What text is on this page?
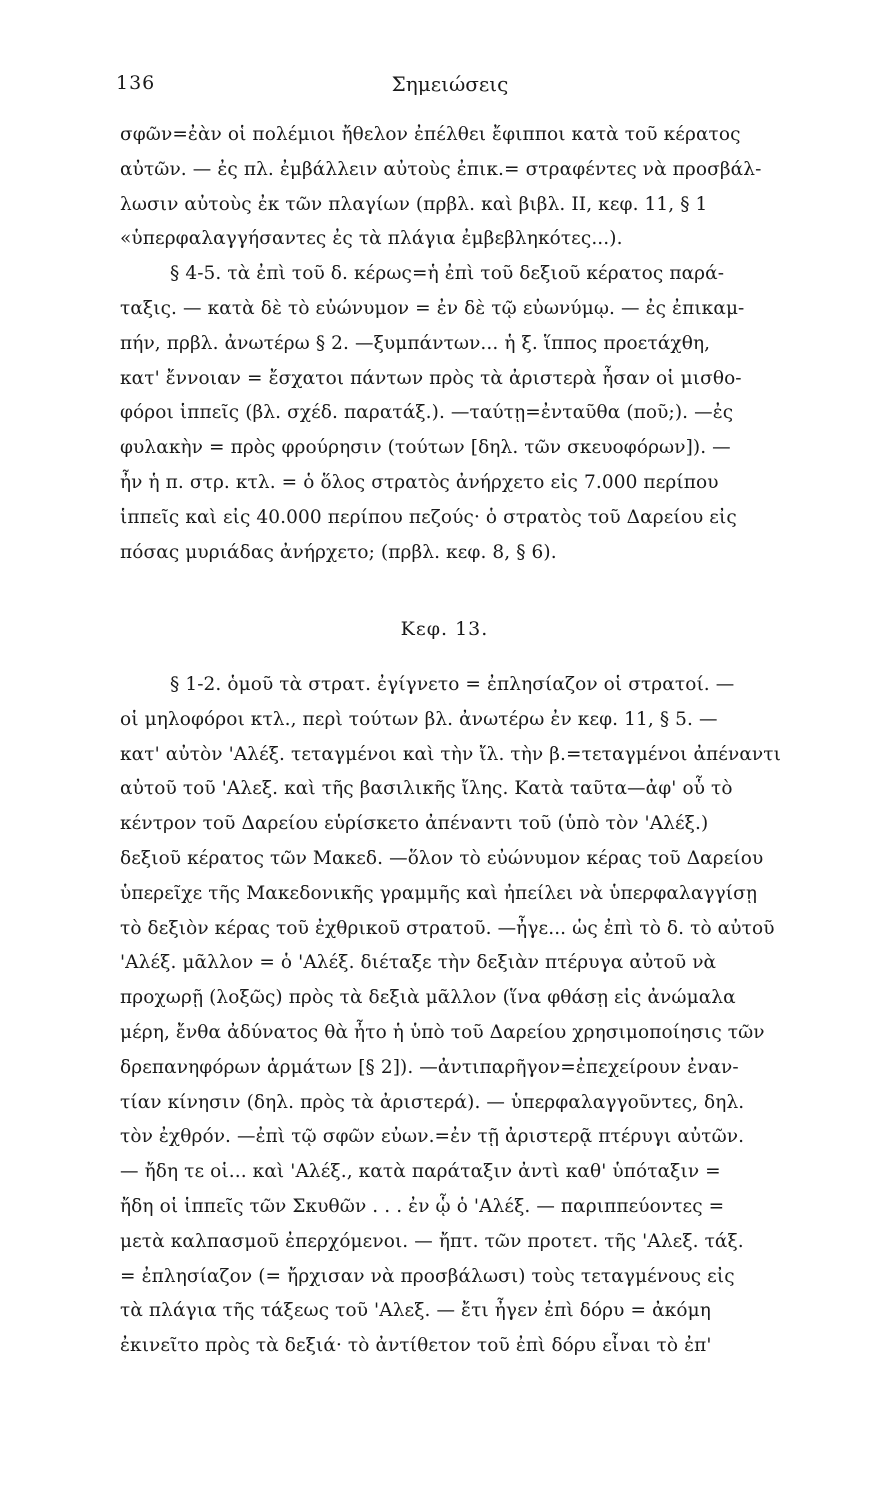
136	Σημειώσεις
σφῶν=ἐὰν οἱ πολέμιοι ἤθελον ἐπέλθει ἔφιπποι κατὰ τοῦ κέρατος
αὐτῶν. — ἐς πλ. ἐμβάλλειν αὐτοὺς ἐπικ.= στραφέντες νὰ προσβάλ-
λωσιν αὐτοὺς ἐκ τῶν πλαγίων (πρβλ. καὶ βιβλ. II, κεφ. 11, § 1
«ὑπερφαλαγγήσαντες ἐς τὰ πλάγια ἐμβεβληκότες...).
§ 4-5. τὰ ἐπὶ τοῦ δ. κέρως=ἡ ἐπὶ τοῦ δεξιοῦ κέρατος παρά-
ταξις. — κατὰ δὲ τὸ εὐώνυμον = ἐν δὲ τῷ εὐωνύμῳ. — ἐς ἐπικαμ-
πήν, πρβλ. ἀνωτέρω § 2. —ξυμπάντων... ἡ ξ. ἵππος προετάχθη,
κατ' ἔννοιαν = ἔσχατοι πάντων πρὸς τὰ ἀριστερὰ ἦσαν οἱ μισθο-
φόροι ἱππεῖς (βλ. σχέδ. παρατάξ.). —ταύτῃ=ἐνταῦθα (ποῦ;). —ἐς
φυλακὴν = πρὸς φρούρησιν (τούτων [δηλ. τῶν σκευοφόρων]). —
ἦν ἡ π. στρ. κτλ. = ὁ ὅλος στρατὸς ἀνήρχετο εἰς 7.000 περίπου
ἱππεῖς καὶ εἰς 40.000 περίπου πεζούς· ὁ στρατὸς τοῦ Δαρείου εἰς
πόσας μυριάδας ἀνήρχετο; (πρβλ. κεφ. 8, § 6).
Κεφ. 13.
§ 1-2. ὁμοῦ τὰ στρατ. ἐγίγνετο = ἐπλησίαζον οἱ στρατοί. —
οἱ μηλοφόροι κτλ., περὶ τούτων βλ. ἀνωτέρω ἐν κεφ. 11, § 5. —
κατ' αὐτὸν 'Αλέξ. τεταγμένοι καὶ τὴν ἴλ. τὴν β.=τεταγμένοι ἀπέναντι
αὐτοῦ τοῦ 'Αλεξ. καὶ τῆς βασιλικῆς ἴλης. Κατὰ ταῦτα—ἀφ' οὗ τὸ
κέντρον τοῦ Δαρείου εὑρίσκετο ἀπέναντι τοῦ (ὑπὸ τὸν 'Αλέξ.)
δεξιοῦ κέρατος τῶν Μακεδ. —ὅλον τὸ εὐώνυμον κέρας τοῦ Δαρείου
ὑπερεῖχε τῆς Μακεδονικῆς γραμμῆς καὶ ἠπείλει νὰ ὑπερφαλαγγίσῃ
τὸ δεξιὸν κέρας τοῦ ἐχθρικοῦ στρατοῦ. —ἦγε... ὡς ἐπὶ τὸ δ. τὸ αὐτοῦ
'Αλέξ. μᾶλλον = ὁ 'Αλέξ. διέταξε τὴν δεξιὰν πτέρυγα αὐτοῦ νὰ
προχωρῇ (λοξῶς) πρὸς τὰ δεξιὰ μᾶλλον (ἵνα φθάσῃ εἰς ἀνώμαλα
μέρη, ἔνθα ἀδύνατος θὰ ἦτο ἡ ὑπὸ τοῦ Δαρείου χρησιμοποίησις τῶν
δρεπανηφόρων ἁρμάτων [§ 2]). —ἀντιπαρῆγον=ἐπεχείρουν ἐναν-
τίαν κίνησιν (δηλ. πρὸς τὰ ἀριστερά). — ὑπερφαλαγγοῦντες, δηλ.
τὸν ἐχθρόν. —ἐπὶ τῷ σφῶν εὐων.=ἐν τῇ ἀριστερᾷ πτέρυγι αὐτῶν.
— ἤδη τε οἱ... καὶ 'Αλέξ., κατὰ παράταξιν ἀντὶ καθ' ὑπόταξιν =
ἤδη οἱ ἱππεῖς τῶν Σκυθῶν . . . ἐν ᾧ ὁ 'Αλέξ. — παριππεύοντες =
μετὰ καλπασμοῦ ἐπερχόμενοι. — ἤπτ. τῶν προτετ. τῆς 'Αλεξ. τάξ.
= ἐπλησίαζον (= ἤρχισαν νὰ προσβάλωσι) τοὺς τεταγμένους εἰς
τὰ πλάγια τῆς τάξεως τοῦ 'Αλεξ. — ἔτι ἦγεν ἐπὶ δόρυ = ἀκόμη
ἐκινεῖτο πρὸς τὰ δεξιά· τὸ ἀντίθετον τοῦ ἐπὶ δόρυ εἶναι τὸ ἐπ'
